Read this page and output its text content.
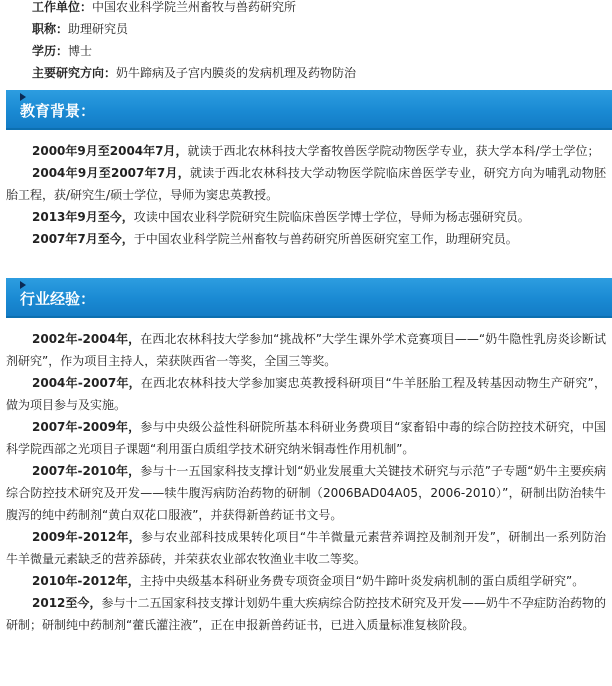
工作单位：中国农业科学院兰州畜牧与兽药研究所
职称：助理研究员
学历：博士
主要研究方向：奶牛蹄病及子宫内膜炎的发病机理及药物防治
教育背景：

2000年9月至2004年7月，就读于西北农林科技大学畜牧兽医学院动物医学专业，获大学本科/学士学位；

2004年9月至2007年7月，就读于西北农林科技大学动物医学院临床兽医学专业，研究方向为哺乳动物胚胎工程，获/研究生/硕士学位，导师为窦忠英教授。

2013年9月至今，攻读中国农业科学院研究生院临床兽医学博士学位，导师为杨志强研究员。

2007年7月至今，于中国农业科学院兰州畜牧与兽药研究所兽医研究室工作，助理研究员。

行业经验：

2002年-2004年，在西北农林科技大学参加“挑战杯”大学生课外学术竞赛项目——“奶牛隐性乳房炎诊断试剂研究”，作为项目主持人，荣获陕西省一等奖，全国三等奖。

2004年-2007年，在西北农林科技大学参加窦忠英教授科研项目“牛羊胚胎工程及转基因动物生产研究”，做为项目参与及实施。

2007年-2009年，参与中央级公益性科研院所基本科研业务费项目“家畜铅中毒的综合防控技术研究，中国科学院西部之光项目子课题“利用蛋白质组学技术研究纳米铜毒性作用机制”。

2007年-2010年，参与十一五国家科技支撑计划“奶业发展重大关键技术研究与示范”子专题“奶牛主要疾病综合防控技术研究及开发——犊牛腹泻病防治药物的研制（2006BAD04A05，2006-2010）”，研制出防治犊牛腹泻的纯中药制剂“黄白双花口服液”，并获得新兽药证书文号。

2009年-2012年，参与农业部科技成果转化项目“牛羊微量元素营养调控及制剂开发”，研制出一系列防治牛羊微量元素缺乏的营养舔砖，并荣获农业部农牧渔业丰收二等奖。

2010年-2012年，主持中央级基本科研业务费专项资金项目“奶牛蹄叶炎发病机制的蛋白质组学研究”。

2012至今，参与十二五国家科技支撑计划奶牛重大疾病综合防控技术研究及开发——奶牛不孕症防治药物的研制；研制纯中药制剂“藿氏灌注液”，正在申报新兽药证书，已进入质量标准复核阶段。
